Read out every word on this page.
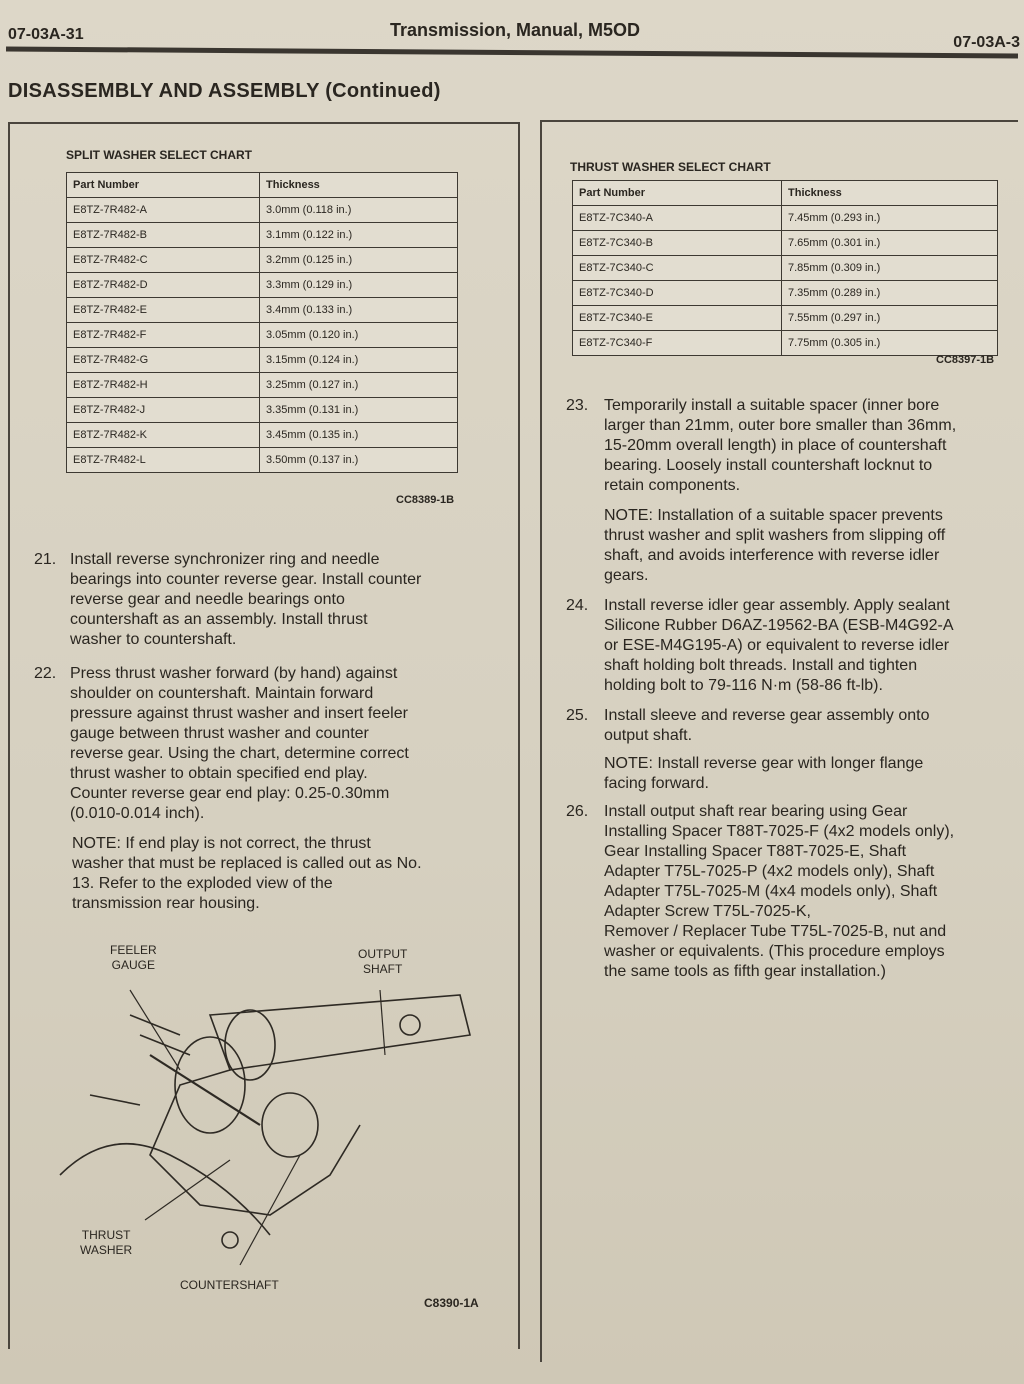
07-03A-31	Transmission, Manual, M5OD
07-03A-3
DISASSEMBLY AND ASSEMBLY (Continued)
SPLIT WASHER SELECT CHART
Part Number	Thickness
E8TZ-7R482-A	3.0mm (0.118 in.)
E8TZ-7R482-B	3.1mm (0.122 in.)
E8TZ-7R482-C	3.2mm (0.125 in.)
E8TZ-7R482-D	3.3mm (0.129 in.)
E8TZ-7R482-E	3.4mm (0.133 in.)
E8TZ-7R482-F	3.05mm (0.120 in.)
E8TZ-7R482-G	3.15mm (0.124 in.)
E8TZ-7R482-H	3.25mm (0.127 in.)
E8TZ-7R482-J	3.35mm (0.131 in.)
E8TZ-7R482-K	3.45mm (0.135 in.)
E8TZ-7R482-L	3.50mm (0.137 in.)
CC8389-1B
THRUST WASHER SELECT CHART
Part Number	Thickness
E8TZ-7C340-A	7.45mm (0.293 in.)
E8TZ-7C340-B	7.65mm (0.301 in.)
E8TZ-7C340-C	7.85mm (0.309 in.)
E8TZ-7C340-D	7.35mm (0.289 in.)
E8TZ-7C340-E	7.55mm (0.297 in.)
E8TZ-7C340-F	7.75mm (0.305 in.)
CC8397-1B
21. Install reverse synchronizer ring and needle
bearings into counter reverse gear. Install counter
reverse gear and needle bearings onto
countershaft as an assembly. Install thrust
washer to countershaft.
22. Press thrust washer forward (by hand) against
shoulder on countershaft. Maintain forward
pressure against thrust washer and insert feeler
gauge between thrust washer and counter
reverse gear. Using the chart, determine correct
thrust washer to obtain specified end play.
Counter reverse gear end play: 0.25-0.30mm
(0.010-0.014 inch).
NOTE: If end play is not correct, the thrust
washer that must be replaced is called out as No.
13. Refer to the exploded view of the
transmission rear housing.
FEELER
GAUGE
OUTPUT
SHAFT
THRUST
WASHER
COUNTERSHAFT
C8390-1A
23. Temporarily install a suitable spacer (inner bore
larger than 21mm, outer bore smaller than 36mm,
15-20mm overall length) in place of countershaft
bearing. Loosely install countershaft locknut to
retain components.
NOTE: Installation of a suitable spacer prevents
thrust washer and split washers from slipping off
shaft, and avoids interference with reverse idler
gears.
24. Install reverse idler gear assembly. Apply sealant
Silicone Rubber D6AZ-19562-BA (ESB-M4G92-A
or ESE-M4G195-A) or equivalent to reverse idler
shaft holding bolt threads. Install and tighten
holding bolt to 79-116 N·m (58-86 ft-lb).
25. Install sleeve and reverse gear assembly onto
output shaft.
NOTE: Install reverse gear with longer flange
facing forward.
26. Install output shaft rear bearing using Gear
Installing Spacer T88T-7025-F (4x2 models only),
Gear Installing Spacer T88T-7025-E, Shaft
Adapter T75L-7025-P (4x2 models only), Shaft
Adapter T75L-7025-M (4x4 models only), Shaft
Adapter Screw T75L-7025-K,
Remover / Replacer Tube T75L-7025-B, nut and
washer or equivalents. (This procedure employs
the same tools as fifth gear installation.)
